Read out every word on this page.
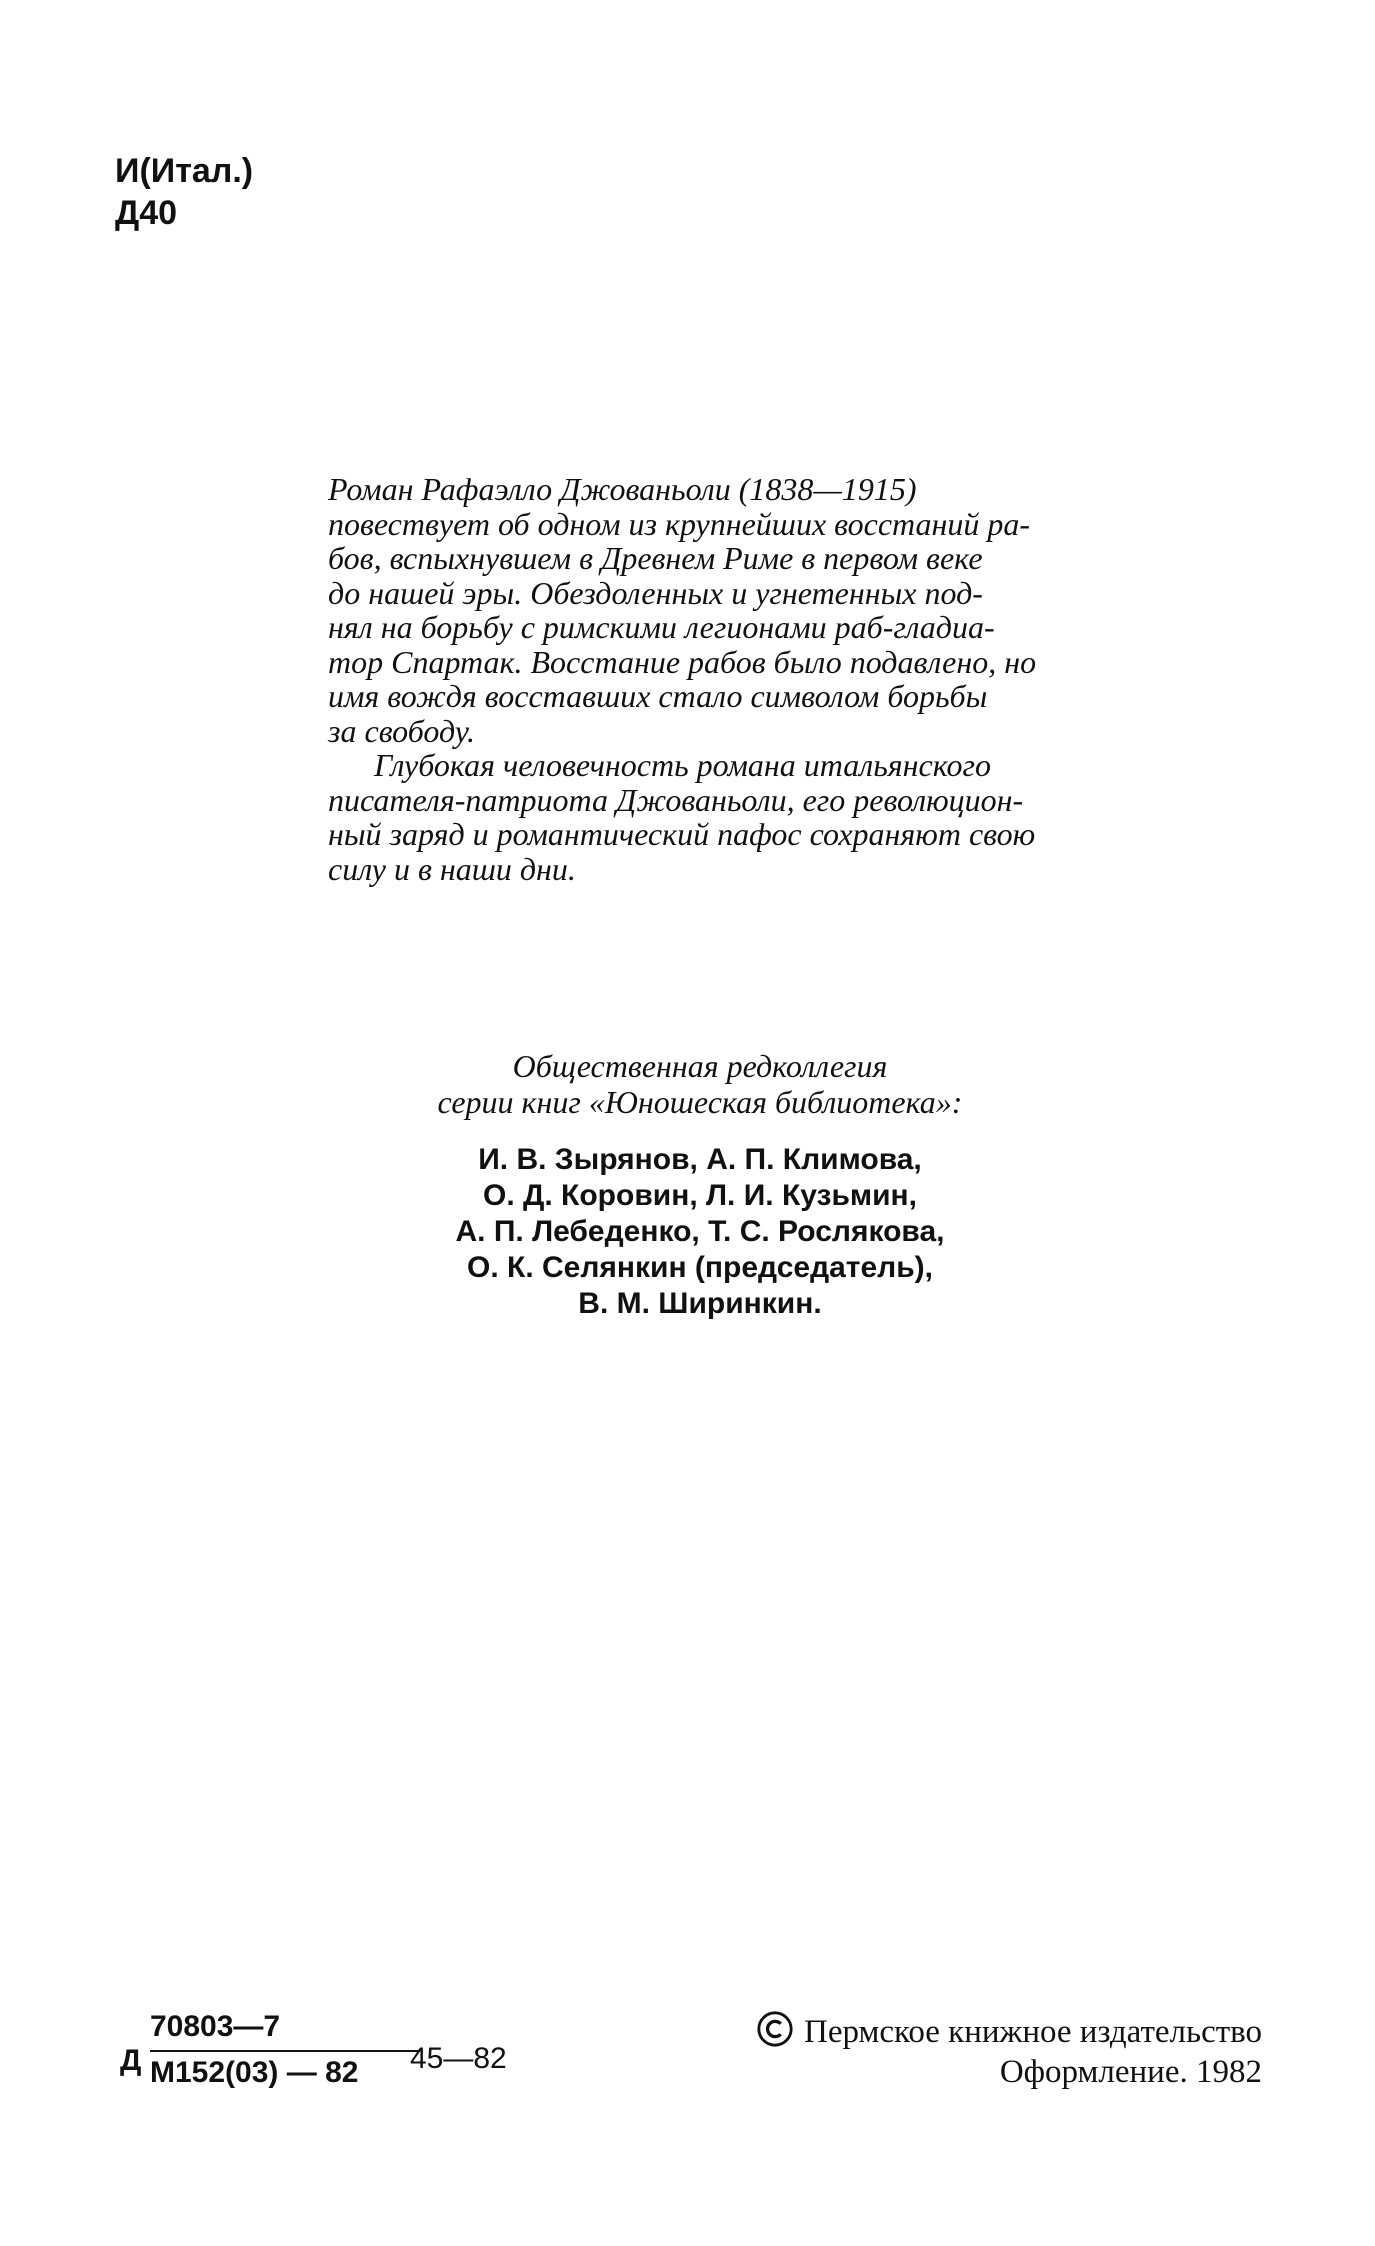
И(Итал.)
Д40

Роман Рафаэлло Джованьоли (1838—1915)
повествует об одном из крупнейших восстаний ра-
бов, вспыхнувшем в Древнем Риме в первом веке
до нашей эры. Обездоленных и угнетенных под-
нял на борьбу с римскими легионами раб-гладиа-
тор Спартак. Восстание рабов было подавлено, но
имя вождя восставших стало символом борьбы
за свободу.

Глубокая человечность романа итальянского
писателя-патриота Джованьоли, его революцион-
ный заряд и романтический пафос сохраняют свою
силу и в наши дни.

Общественная редколлегия
серии книг «Юношеская библиотека»:
И. В. Зырянов, А. П. Климова,
О. Д. Коровин, Л. И. Кузьмин,
А. П. Лебеденко, Т. С. Рослякова,
О. К. Селянкин (председатель),
В. М. Ширинкин.
Д
70803—7
М152(03) — 82 45—82
Пермское книжное издательство
Оформление. 1982
